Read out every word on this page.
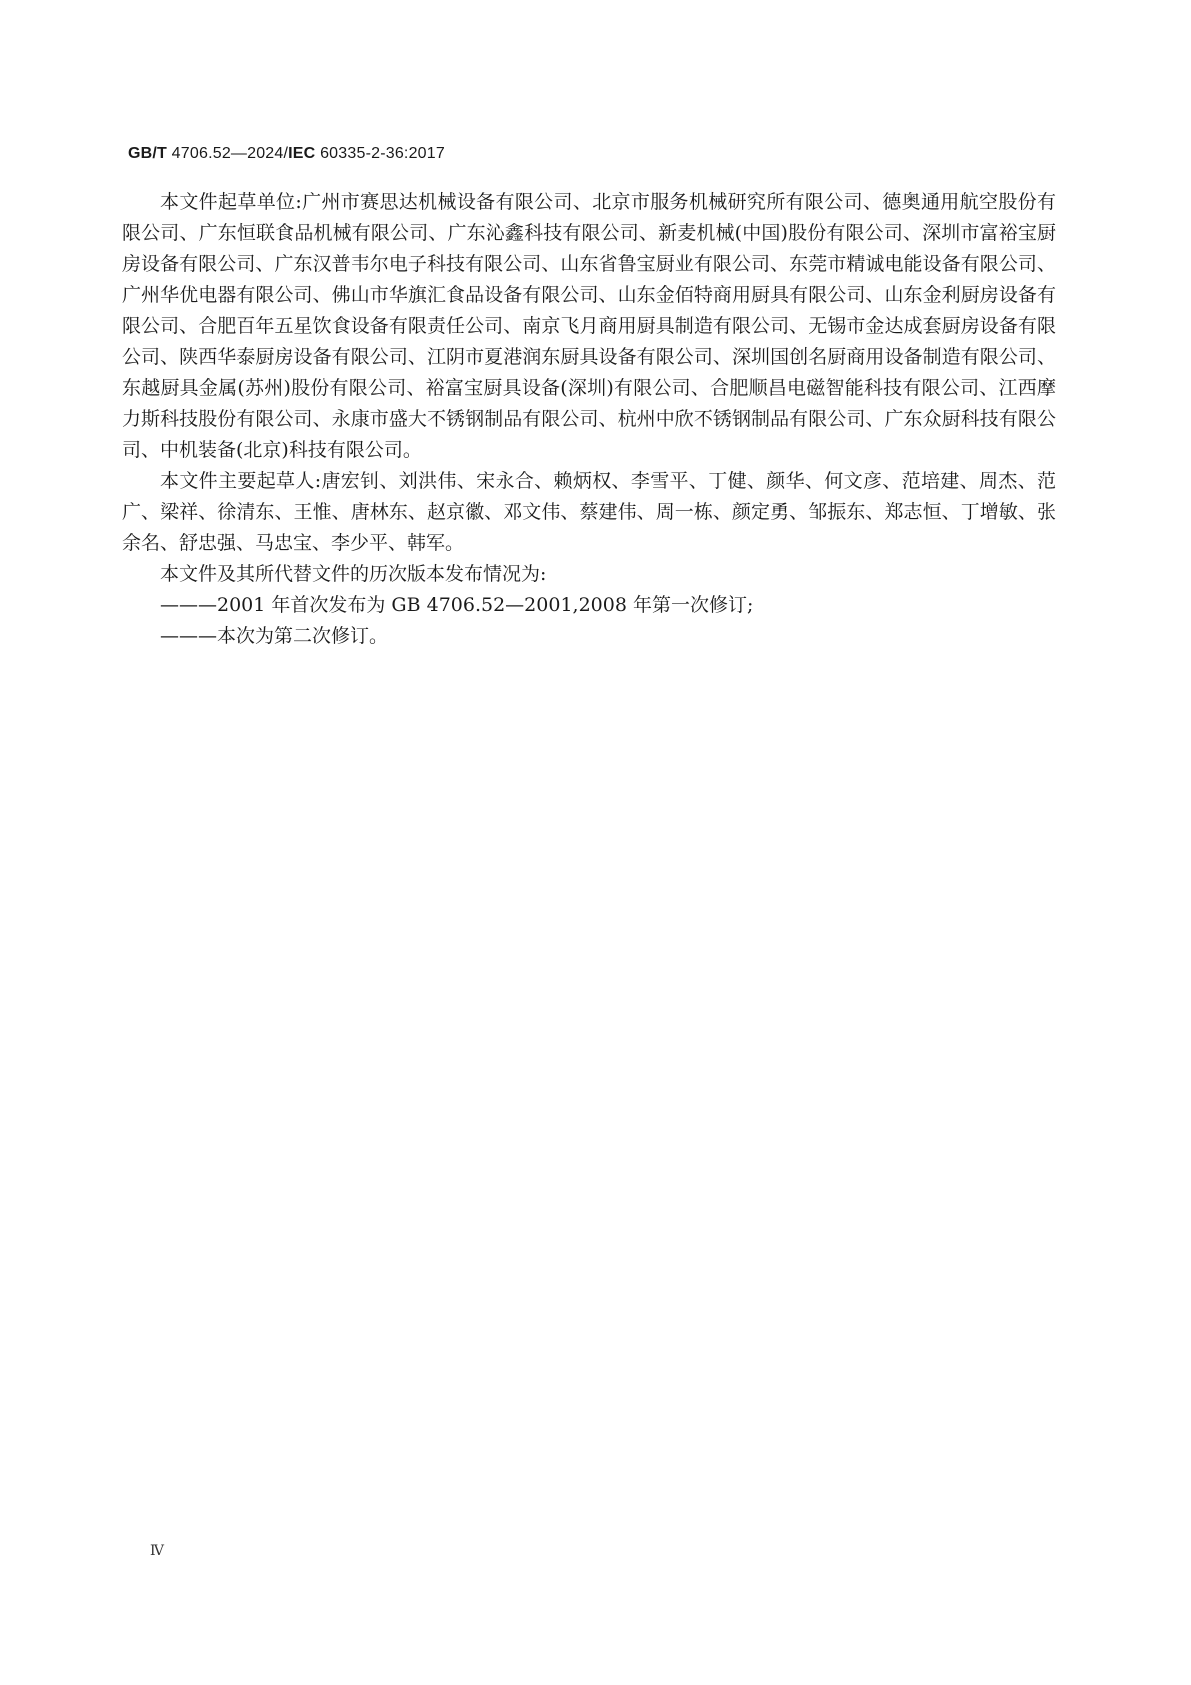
GB/T 4706.52—2024/IEC 60335-2-36:2017

本文件起草单位:广州市赛思达机械设备有限公司、北京市服务机械研究所有限公司、德奥通用航空股份有限公司、广东恒联食品机械有限公司、广东沁鑫科技有限公司、新麦机械(中国)股份有限公司、深圳市富裕宝厨房设备有限公司、广东汉普韦尔电子科技有限公司、山东省鲁宝厨业有限公司、东莞市精诚电能设备有限公司、广州华优电器有限公司、佛山市华旗汇食品设备有限公司、山东金佰特商用厨具有限公司、山东金利厨房设备有限公司、合肥百年五星饮食设备有限责任公司、南京飞月商用厨具制造有限公司、无锡市金达成套厨房设备有限公司、陕西华泰厨房设备有限公司、江阴市夏港润东厨具设备有限公司、深圳国创名厨商用设备制造有限公司、东越厨具金属(苏州)股份有限公司、裕富宝厨具设备(深圳)有限公司、合肥顺昌电磁智能科技有限公司、江西摩力斯科技股份有限公司、永康市盛大不锈钢制品有限公司、杭州中欣不锈钢制品有限公司、广东众厨科技有限公司、中机装备(北京)科技有限公司。

本文件主要起草人:唐宏钊、刘洪伟、宋永合、赖炳权、李雪平、丁健、颜华、何文彦、范培建、周杰、范广、梁祥、徐清东、王惟、唐林东、赵京徽、邓文伟、蔡建伟、周一栋、颜定勇、邹振东、郑志恒、丁增敏、张余名、舒忠强、马忠宝、李少平、韩军。

本文件及其所代替文件的历次版本发布情况为:

———2001 年首次发布为 GB 4706.52—2001,2008 年第一次修订;

———本次为第二次修订。

Ⅳ
